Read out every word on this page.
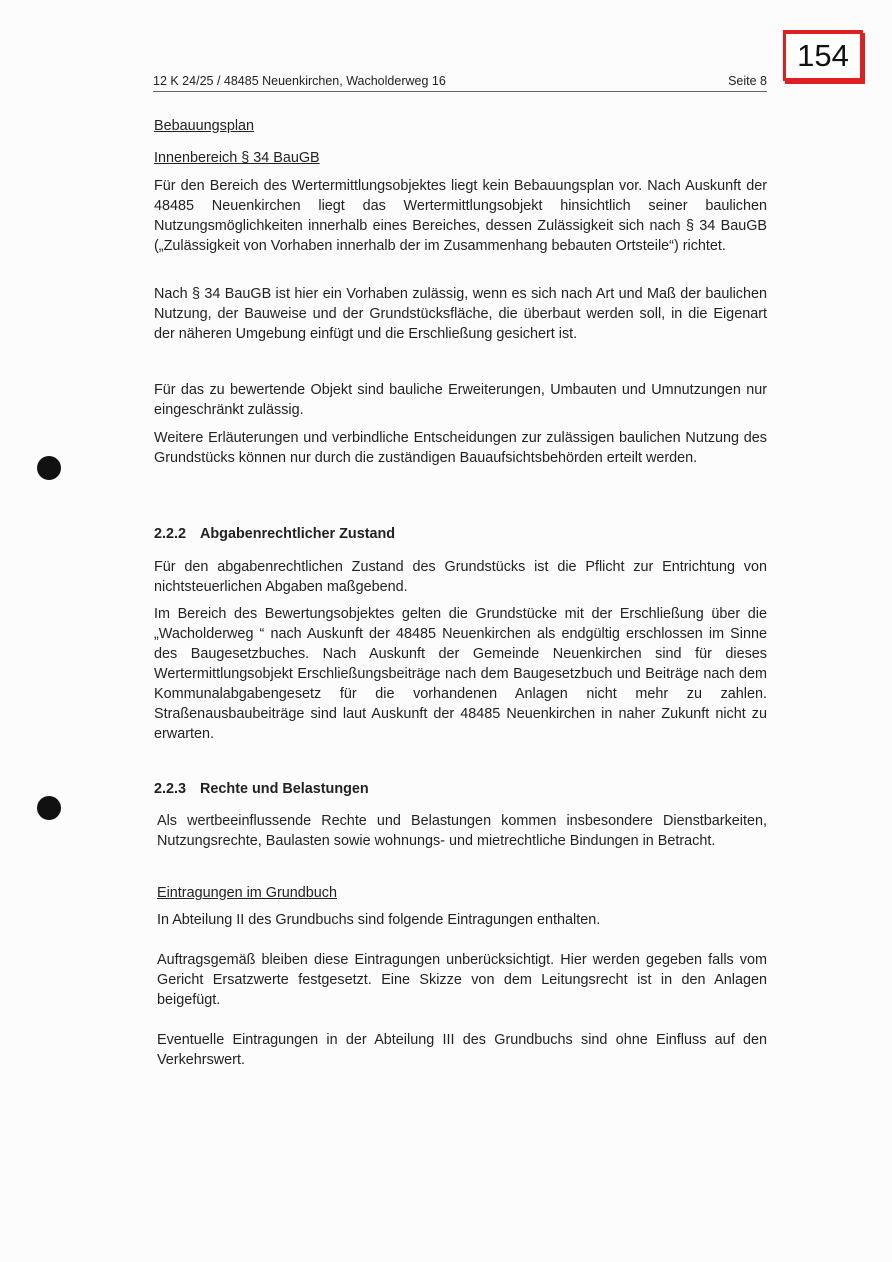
154
12 K 24/25 / 48485 Neuenkirchen, Wacholderweg 16	Seite 8
Bebauungsplan
Innenbereich § 34 BauGB

Für den Bereich des Wertermittlungsobjektes liegt kein Bebauungsplan vor. Nach Auskunft der 48485 Neuenkirchen liegt das Wertermittlungsobjekt hinsichtlich seiner baulichen Nutzungsmöglichkeiten innerhalb eines Bereiches, dessen Zulässigkeit sich nach § 34 BauGB („Zulässigkeit von Vorhaben innerhalb der im Zusammenhang bebauten Ortsteile“) richtet.

Nach § 34 BauGB ist hier ein Vorhaben zulässig, wenn es sich nach Art und Maß der baulichen Nutzung, der Bauweise und der Grundstücksfläche, die überbaut werden soll, in die Eigenart der näheren Umgebung einfügt und die Erschließung gesichert ist.

Für das zu bewertende Objekt sind bauliche Erweiterungen, Umbauten und Umnutzungen nur eingeschränkt zulässig.

Weitere Erläuterungen und verbindliche Entscheidungen zur zulässigen baulichen Nutzung des Grundstücks können nur durch die zuständigen Bauaufsichtsbehörden erteilt werden.

2.2.2 Abgabenrechtlicher Zustand

Für den abgabenrechtlichen Zustand des Grundstücks ist die Pflicht zur Entrichtung von nichtsteuerlichen Abgaben maßgebend.

Im Bereich des Bewertungsobjektes gelten die Grundstücke mit der Erschließung über die „Wacholderweg “ nach Auskunft der 48485 Neuenkirchen als endgültig erschlossen im Sinne des Baugesetzbuches. Nach Auskunft der Gemeinde Neuenkirchen sind für dieses Wertermittlungsobjekt Erschließungsbeiträge nach dem Baugesetzbuch und Beiträge nach dem Kommunalabgabengesetz für die vorhandenen Anlagen nicht mehr zu zahlen. Straßenausbaubeiträge sind laut Auskunft der 48485 Neuenkirchen in naher Zukunft nicht zu erwarten.

2.2.3 Rechte und Belastungen

Als wertbeeinflussende Rechte und Belastungen kommen insbesondere Dienstbarkeiten, Nutzungsrechte, Baulasten sowie wohnungs- und mietrechtliche Bindungen in Betracht.

Eintragungen im Grundbuch

In Abteilung II des Grundbuchs sind folgende Eintragungen enthalten.

Auftragsgemäß bleiben diese Eintragungen unberücksichtigt. Hier werden gegeben falls vom Gericht Ersatzwerte festgesetzt. Eine Skizze von dem Leitungsrecht ist in den Anlagen beigefügt.

Eventuelle Eintragungen in der Abteilung III des Grundbuchs sind ohne Einfluss auf den Verkehrswert.
